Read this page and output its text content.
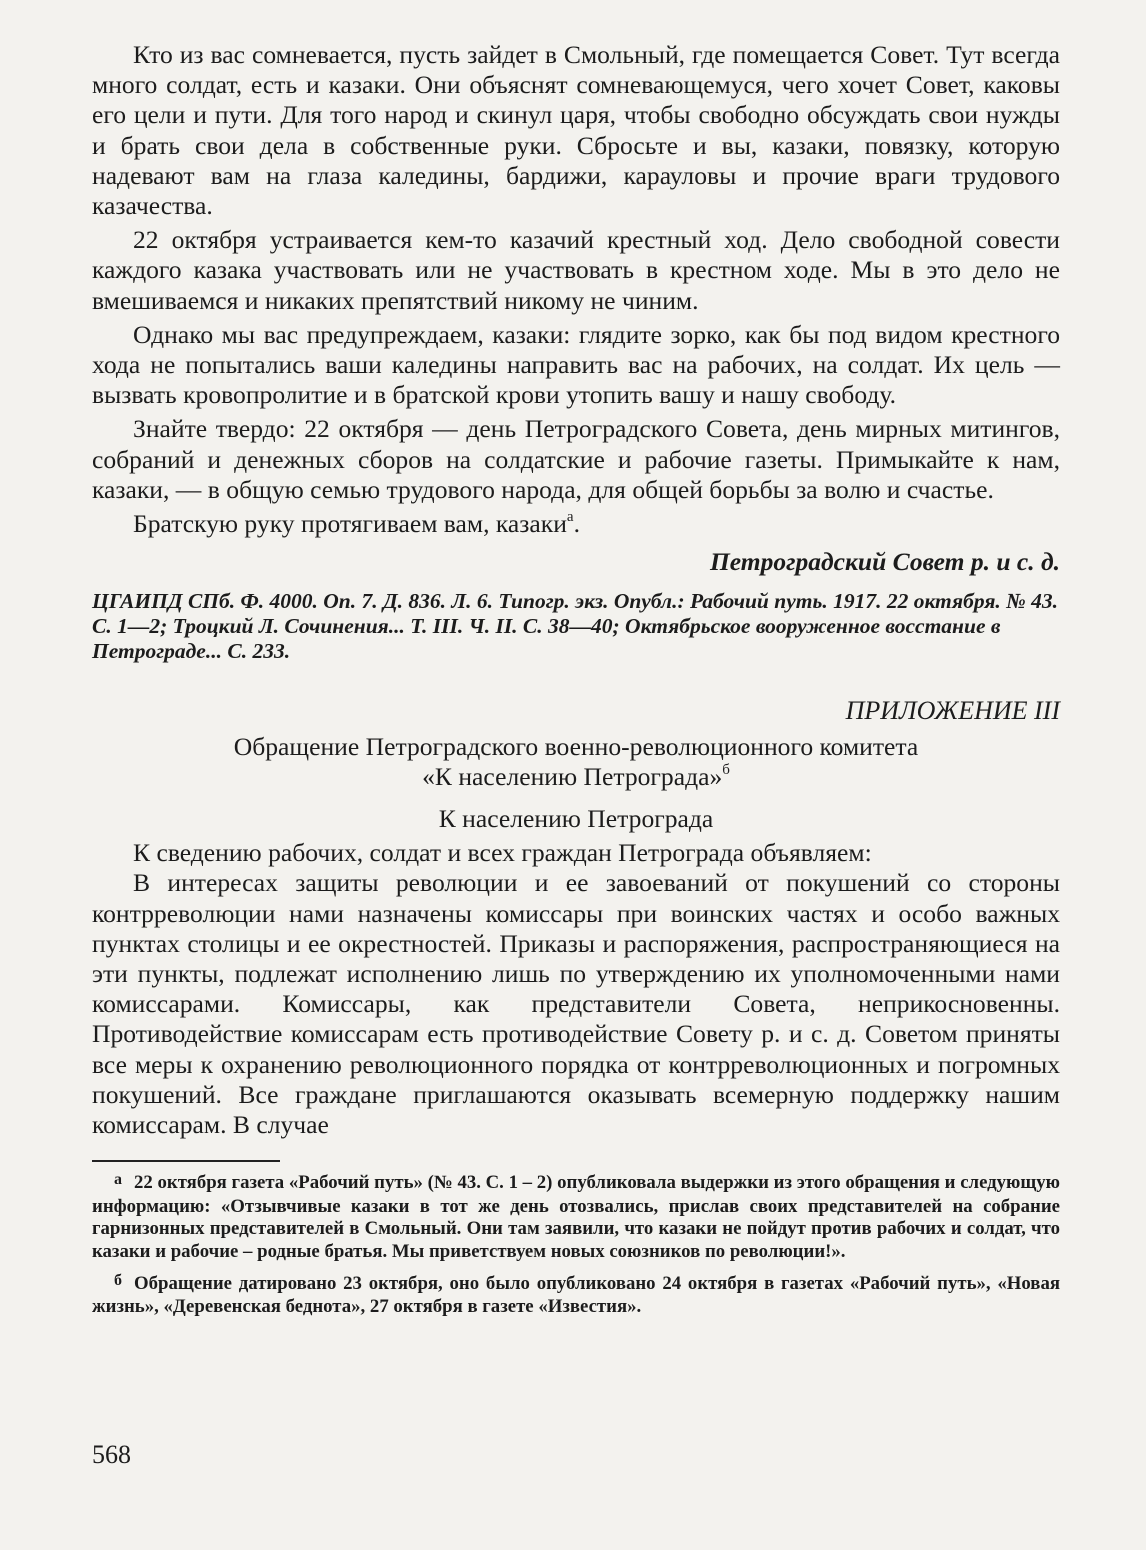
Кто из вас сомневается, пусть зайдет в Смольный, где помещается Совет. Тут всегда много солдат, есть и казаки. Они объяснят сомневающемуся, чего хочет Совет, каковы его цели и пути. Для того народ и скинул царя, чтобы свободно обсуждать свои нужды и брать свои дела в собственные руки. Сбросьте и вы, казаки, повязку, которую надевают вам на глаза каледины, бардижи, карауловы и прочие враги трудового казачества.

22 октября устраивается кем-то казачий крестный ход. Дело свободной совести каждого казака участвовать или не участвовать в крестном ходе. Мы в это дело не вмешиваемся и никаких препятствий никому не чиним.

Однако мы вас предупреждаем, казаки: глядите зорко, как бы под видом крестного хода не попытались ваши каледины направить вас на рабочих, на солдат. Их цель — вызвать кровопролитие и в братской крови утопить вашу и нашу свободу.

Знайте твердо: 22 октября — день Петроградского Совета, день мирных митингов, собраний и денежных сборов на солдатские и рабочие газеты. Примыкайте к нам, казаки, — в общую семью трудового народа, для общей борьбы за волю и счастье.

Братскую руку протягиваем вам, казаки$^а$.

Петроградский Совет р. и с. д.

ЦГАИПД СПб. Ф. 4000. Оп. 7. Д. 836. Л. 6. Типогр. экз. Опубл.: Рабочий путь. 1917. 22 октября. № 43. С. 1—2; Троцкий Л. Сочинения... Т. III. Ч. II. С. 38—40; Октябрьское вооруженное восстание в Петрограде... С. 233.

ПРИЛОЖЕНИЕ III

Обращение Петроградского военно-революционного комитета
«К населению Петрограда»$^б$

К населению Петрограда

К сведению рабочих, солдат и всех граждан Петрограда объявляем:

В интересах защиты революции и ее завоеваний от покушений со стороны контрреволюции нами назначены комиссары при воинских частях и особо важных пунктах столицы и ее окрестностей. Приказы и распоряжения, распространяющиеся на эти пункты, подлежат исполнению лишь по утверждению их уполномоченными нами комиссарами. Комиссары, как представители Совета, неприкосновенны. Противодействие комиссарам есть противодействие Совету р. и с. д. Советом приняты все меры к охранению революционного порядка от контрреволюционных и погромных покушений. Все граждане приглашаются оказывать всемерную поддержку нашим комиссарам. В случае

а 22 октября газета «Рабочий путь» (№ 43. С. 1 – 2) опубликовала выдержки из этого обращения и следующую информацию: «Отзывчивые казаки в тот же день отозвались, прислав своих представителей на собрание гарнизонных представителей в Смольный. Они там заявили, что казаки не пойдут против рабочих и солдат, что казаки и рабочие – родные братья. Мы приветствуем новых союзников по революции!».

б Обращение датировано 23 октября, оно было опубликовано 24 октября в газетах «Рабочий путь», «Новая жизнь», «Деревенская беднота», 27 октября в газете «Известия».

568
